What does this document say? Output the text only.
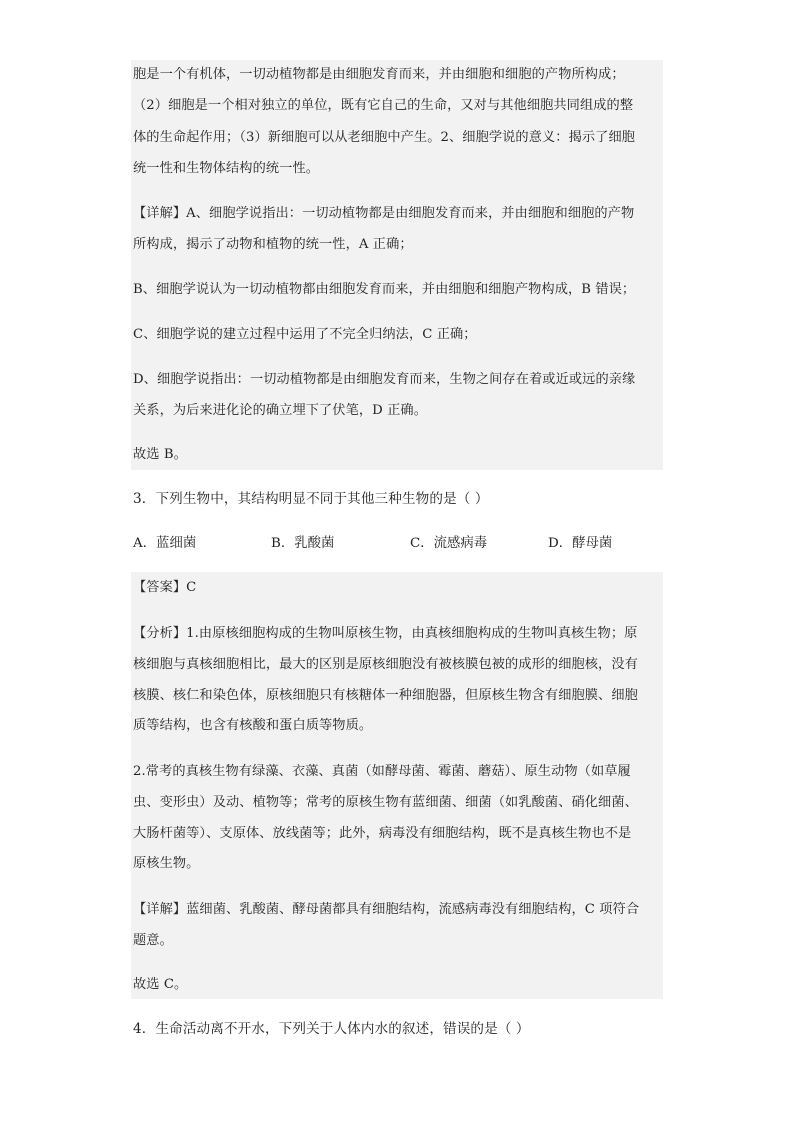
胞是一个有机体，一切动植物都是由细胞发育而来，并由细胞和细胞的产物所构成；
（2）细胞是一个相对独立的单位，既有它自己的生命，又对与其他细胞共同组成的整
体的生命起作用；（3）新细胞可以从老细胞中产生。2、细胞学说的意义：揭示了细胞
统一性和生物体结构的统一性。
【详解】A、细胞学说指出：一切动植物都是由细胞发育而来，并由细胞和细胞的产物
所构成，揭示了动物和植物的统一性，A 正确；
B、细胞学说认为一切动植物都由细胞发育而来，并由细胞和细胞产物构成，B 错误；
C、细胞学说的建立过程中运用了不完全归纳法，C 正确；
D、细胞学说指出：一切动植物都是由细胞发育而来，生物之间存在着或近或远的亲缘
关系，为后来进化论的确立埋下了伏笔，D 正确。
故选 B。
3．下列生物中，其结构明显不同于其他三种生物的是（ ）
A．蓝细菌	B．乳酸菌	C．流感病毒	D．酵母菌
【答案】C
【分析】1.由原核细胞构成的生物叫原核生物，由真核细胞构成的生物叫真核生物；原
核细胞与真核细胞相比，最大的区别是原核细胞没有被核膜包被的成形的细胞核，没有
核膜、核仁和染色体，原核细胞只有核糖体一种细胞器，但原核生物含有细胞膜、细胞
质等结构，也含有核酸和蛋白质等物质。
2.常考的真核生物有绿藻、衣藻、真菌（如酵母菌、霉菌、蘑菇）、原生动物（如草履
虫、变形虫）及动、植物等；常考的原核生物有蓝细菌、细菌（如乳酸菌、硝化细菌、
大肠杆菌等）、支原体、放线菌等；此外，病毒没有细胞结构，既不是真核生物也不是
原核生物。
【详解】蓝细菌、乳酸菌、酵母菌都具有细胞结构，流感病毒没有细胞结构，C 项符合
题意。
故选 C。
4．生命活动离不开水，下列关于人体内水的叙述，错误的是（ ）
